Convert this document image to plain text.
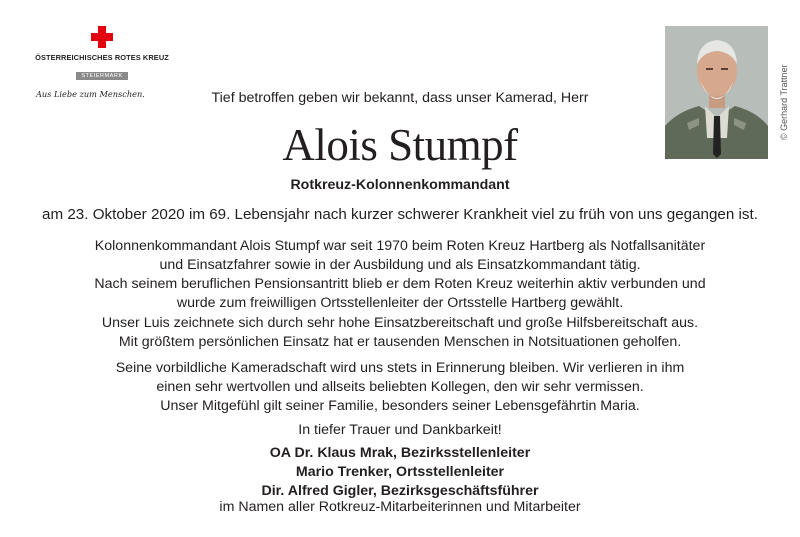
ÖSTERREICHISCHES ROTES KREUZ
STEIERMARK
Aus Liebe zum Menschen.	© Gerhard Trattner
Tief betroffen geben wir bekannt, dass unser Kamerad, Herr
Alois Stumpf
Rotkreuz-Kolonnenkommandant
am 23. Oktober 2020 im 69. Lebensjahr nach kurzer schwerer Krankheit viel zu früh von uns gegangen ist.
Kolonnenkommandant Alois Stumpf war seit 1970 beim Roten Kreuz Hartberg als Notfallsanitäter
und Einsatzfahrer sowie in der Ausbildung und als Einsatzkommandant tätig.
Nach seinem beruflichen Pensionsantritt blieb er dem Roten Kreuz weiterhin aktiv verbunden und
wurde zum freiwilligen Ortsstellenleiter der Ortsstelle Hartberg gewählt.
Unser Luis zeichnete sich durch sehr hohe Einsatzbereitschaft und große Hilfsbereitschaft aus.
Mit größtem persönlichen Einsatz hat er tausenden Menschen in Notsituationen geholfen.
Seine vorbildliche Kameradschaft wird uns stets in Erinnerung bleiben. Wir verlieren in ihm
einen sehr wertvollen und allseits beliebten Kollegen, den wir sehr vermissen.
Unser Mitgefühl gilt seiner Familie, besonders seiner Lebensgefährtin Maria.
In tiefer Trauer und Dankbarkeit!
OA Dr. Klaus Mrak, Bezirksstellenleiter
Mario Trenker, Ortsstellenleiter
Dir. Alfred Gigler, Bezirksgeschäftsführer
im Namen aller Rotkreuz-Mitarbeiterinnen und Mitarbeiter
